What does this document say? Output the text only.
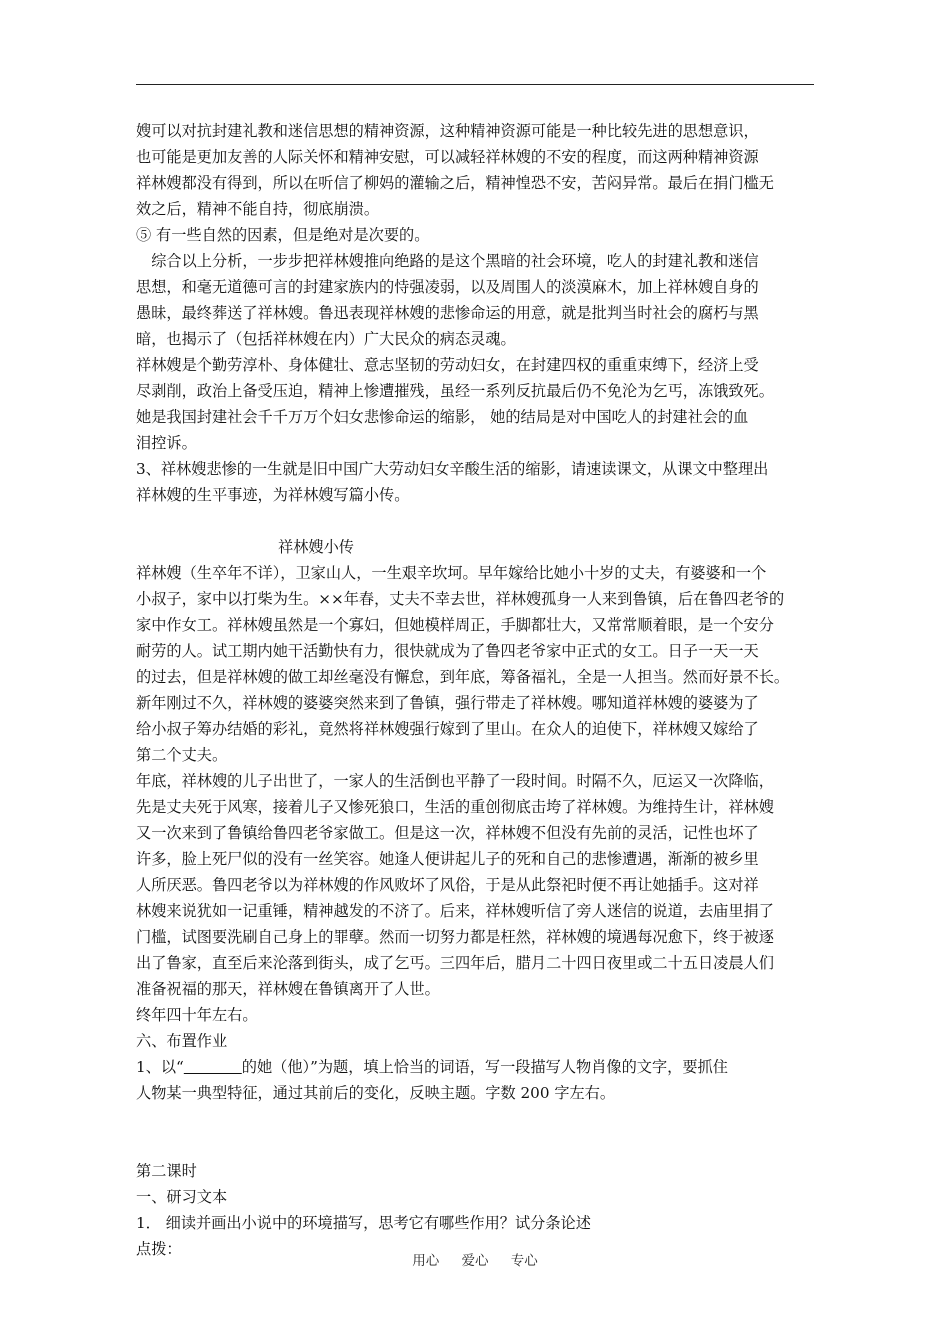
嫂可以对抗封建礼教和迷信思想的精神资源，这种精神资源可能是一种比较先进的思想意识，
也可能是更加友善的人际关怀和精神安慰，可以减轻祥林嫂的不安的程度，而这两种精神资源
祥林嫂都没有得到，所以在听信了柳妈的灌输之后，精神惶恐不安，苦闷异常。最后在捐门槛无
效之后，精神不能自持，彻底崩溃。
⑤ 有一些自然的因素，但是绝对是次要的。
　综合以上分析，一步步把祥林嫂推向绝路的是这个黑暗的社会环境，吃人的封建礼教和迷信
思想，和毫无道德可言的封建家族内的恃强凌弱，以及周围人的淡漠麻木，加上祥林嫂自身的
愚昧，最终葬送了祥林嫂。鲁迅表现祥林嫂的悲惨命运的用意，就是批判当时社会的腐朽与黑
暗，也揭示了（包括祥林嫂在内）广大民众的病态灵魂。
祥林嫂是个勤劳淳朴、身体健壮、意志坚韧的劳动妇女，在封建四权的重重束缚下，经济上受
尽剥削，政治上备受压迫，精神上惨遭摧残，虽经一系列反抗最后仍不免沦为乞丐，冻饿致死。
她是我国封建社会千千万万个妇女悲惨命运的缩影， 她的结局是对中国吃人的封建社会的血
泪控诉。
3、祥林嫂悲惨的一生就是旧中国广大劳动妇女辛酸生活的缩影，请速读课文，从课文中整理出
祥林嫂的生平事迹，为祥林嫂写篇小传。
祥林嫂小传
祥林嫂（生卒年不详），卫家山人，一生艰辛坎坷。早年嫁给比她小十岁的丈夫，有婆婆和一个
小叔子，家中以打柴为生。××年春，丈夫不幸去世，祥林嫂孤身一人来到鲁镇，后在鲁四老爷的
家中作女工。祥林嫂虽然是一个寡妇，但她模样周正，手脚都壮大，又常常顺着眼，是一个安分
耐劳的人。试工期内她干活勤快有力，很快就成为了鲁四老爷家中正式的女工。日子一天一天
的过去，但是祥林嫂的做工却丝毫没有懈怠，到年底，筹备福礼，全是一人担当。然而好景不长。
新年刚过不久，祥林嫂的婆婆突然来到了鲁镇，强行带走了祥林嫂。哪知道祥林嫂的婆婆为了
给小叔子筹办结婚的彩礼，竟然将祥林嫂强行嫁到了里山。在众人的迫使下，祥林嫂又嫁给了
第二个丈夫。
年底，祥林嫂的儿子出世了，一家人的生活倒也平静了一段时间。时隔不久，厄运又一次降临，
先是丈夫死于风寒，接着儿子又惨死狼口，生活的重创彻底击垮了祥林嫂。为维持生计，祥林嫂
又一次来到了鲁镇给鲁四老爷家做工。但是这一次，祥林嫂不但没有先前的灵活，记性也坏了
许多，脸上死尸似的没有一丝笑容。她逢人便讲起儿子的死和自己的悲惨遭遇，渐渐的被乡里
人所厌恶。鲁四老爷以为祥林嫂的作风败坏了风俗，于是从此祭祀时便不再让她插手。这对祥
林嫂来说犹如一记重锤，精神越发的不济了。后来，祥林嫂听信了旁人迷信的说道，去庙里捐了
门槛，试图要洗刷自己身上的罪孽。然而一切努力都是枉然，祥林嫂的境遇每况愈下，终于被逐
出了鲁家，直至后来沦落到街头，成了乞丐。三四年后，腊月二十四日夜里或二十五日凌晨人们
准备祝福的那天，祥林嫂在鲁镇离开了人世。
终年四十年左右。
六、布置作业
1、以“	的她（他）”为题，填上恰当的词语，写一段描写人物肖像的文字，要抓住
人物某一典型特征，通过其前后的变化，反映主题。字数 200 字左右。
第二课时
一、研习文本
1． 细读并画出小说中的环境描写，思考它有哪些作用？试分条论述
点拨：
用心 爱心 专心
